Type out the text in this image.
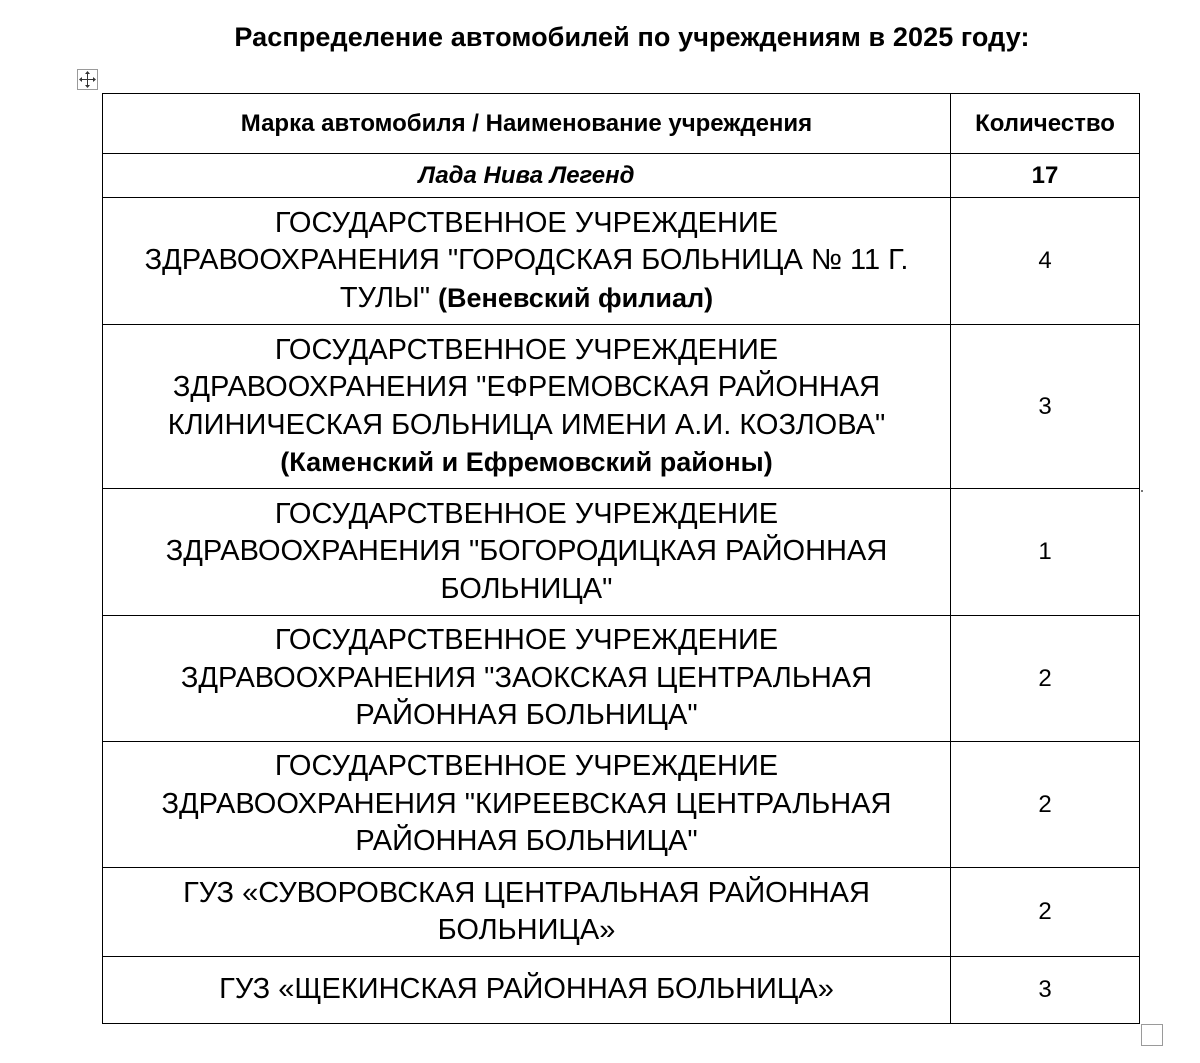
Распределение автомобилей по учреждениям в 2025 году:
Марка автомобиля / Наименование учреждения	Количество
Лада Нива Легенд	17
ГОСУДАРСТВЕННОЕ УЧРЕЖДЕНИЕ
ЗДРАВООХРАНЕНИЯ "ГОРОДСКАЯ БОЛЬНИЦА № 11 Г.
ТУЛЫ" (Веневский филиал)	4
ГОСУДАРСТВЕННОЕ УЧРЕЖДЕНИЕ
ЗДРАВООХРАНЕНИЯ "ЕФРЕМОВСКАЯ РАЙОННАЯ
КЛИНИЧЕСКАЯ БОЛЬНИЦА ИМЕНИ А.И. КОЗЛОВА"
(Каменский и Ефремовский районы)	3
ГОСУДАРСТВЕННОЕ УЧРЕЖДЕНИЕ
ЗДРАВООХРАНЕНИЯ "БОГОРОДИЦКАЯ РАЙОННАЯ
БОЛЬНИЦА"	1
ГОСУДАРСТВЕННОЕ УЧРЕЖДЕНИЕ
ЗДРАВООХРАНЕНИЯ "ЗАОКСКАЯ ЦЕНТРАЛЬНАЯ
РАЙОННАЯ БОЛЬНИЦА"	2
ГОСУДАРСТВЕННОЕ УЧРЕЖДЕНИЕ
ЗДРАВООХРАНЕНИЯ "КИРЕЕВСКАЯ ЦЕНТРАЛЬНАЯ
РАЙОННАЯ БОЛЬНИЦА"	2
ГУЗ «СУВОРОВСКАЯ ЦЕНТРАЛЬНАЯ РАЙОННАЯ
БОЛЬНИЦА»	2
ГУЗ «ЩЕКИНСКАЯ РАЙОННАЯ БОЛЬНИЦА»	3
